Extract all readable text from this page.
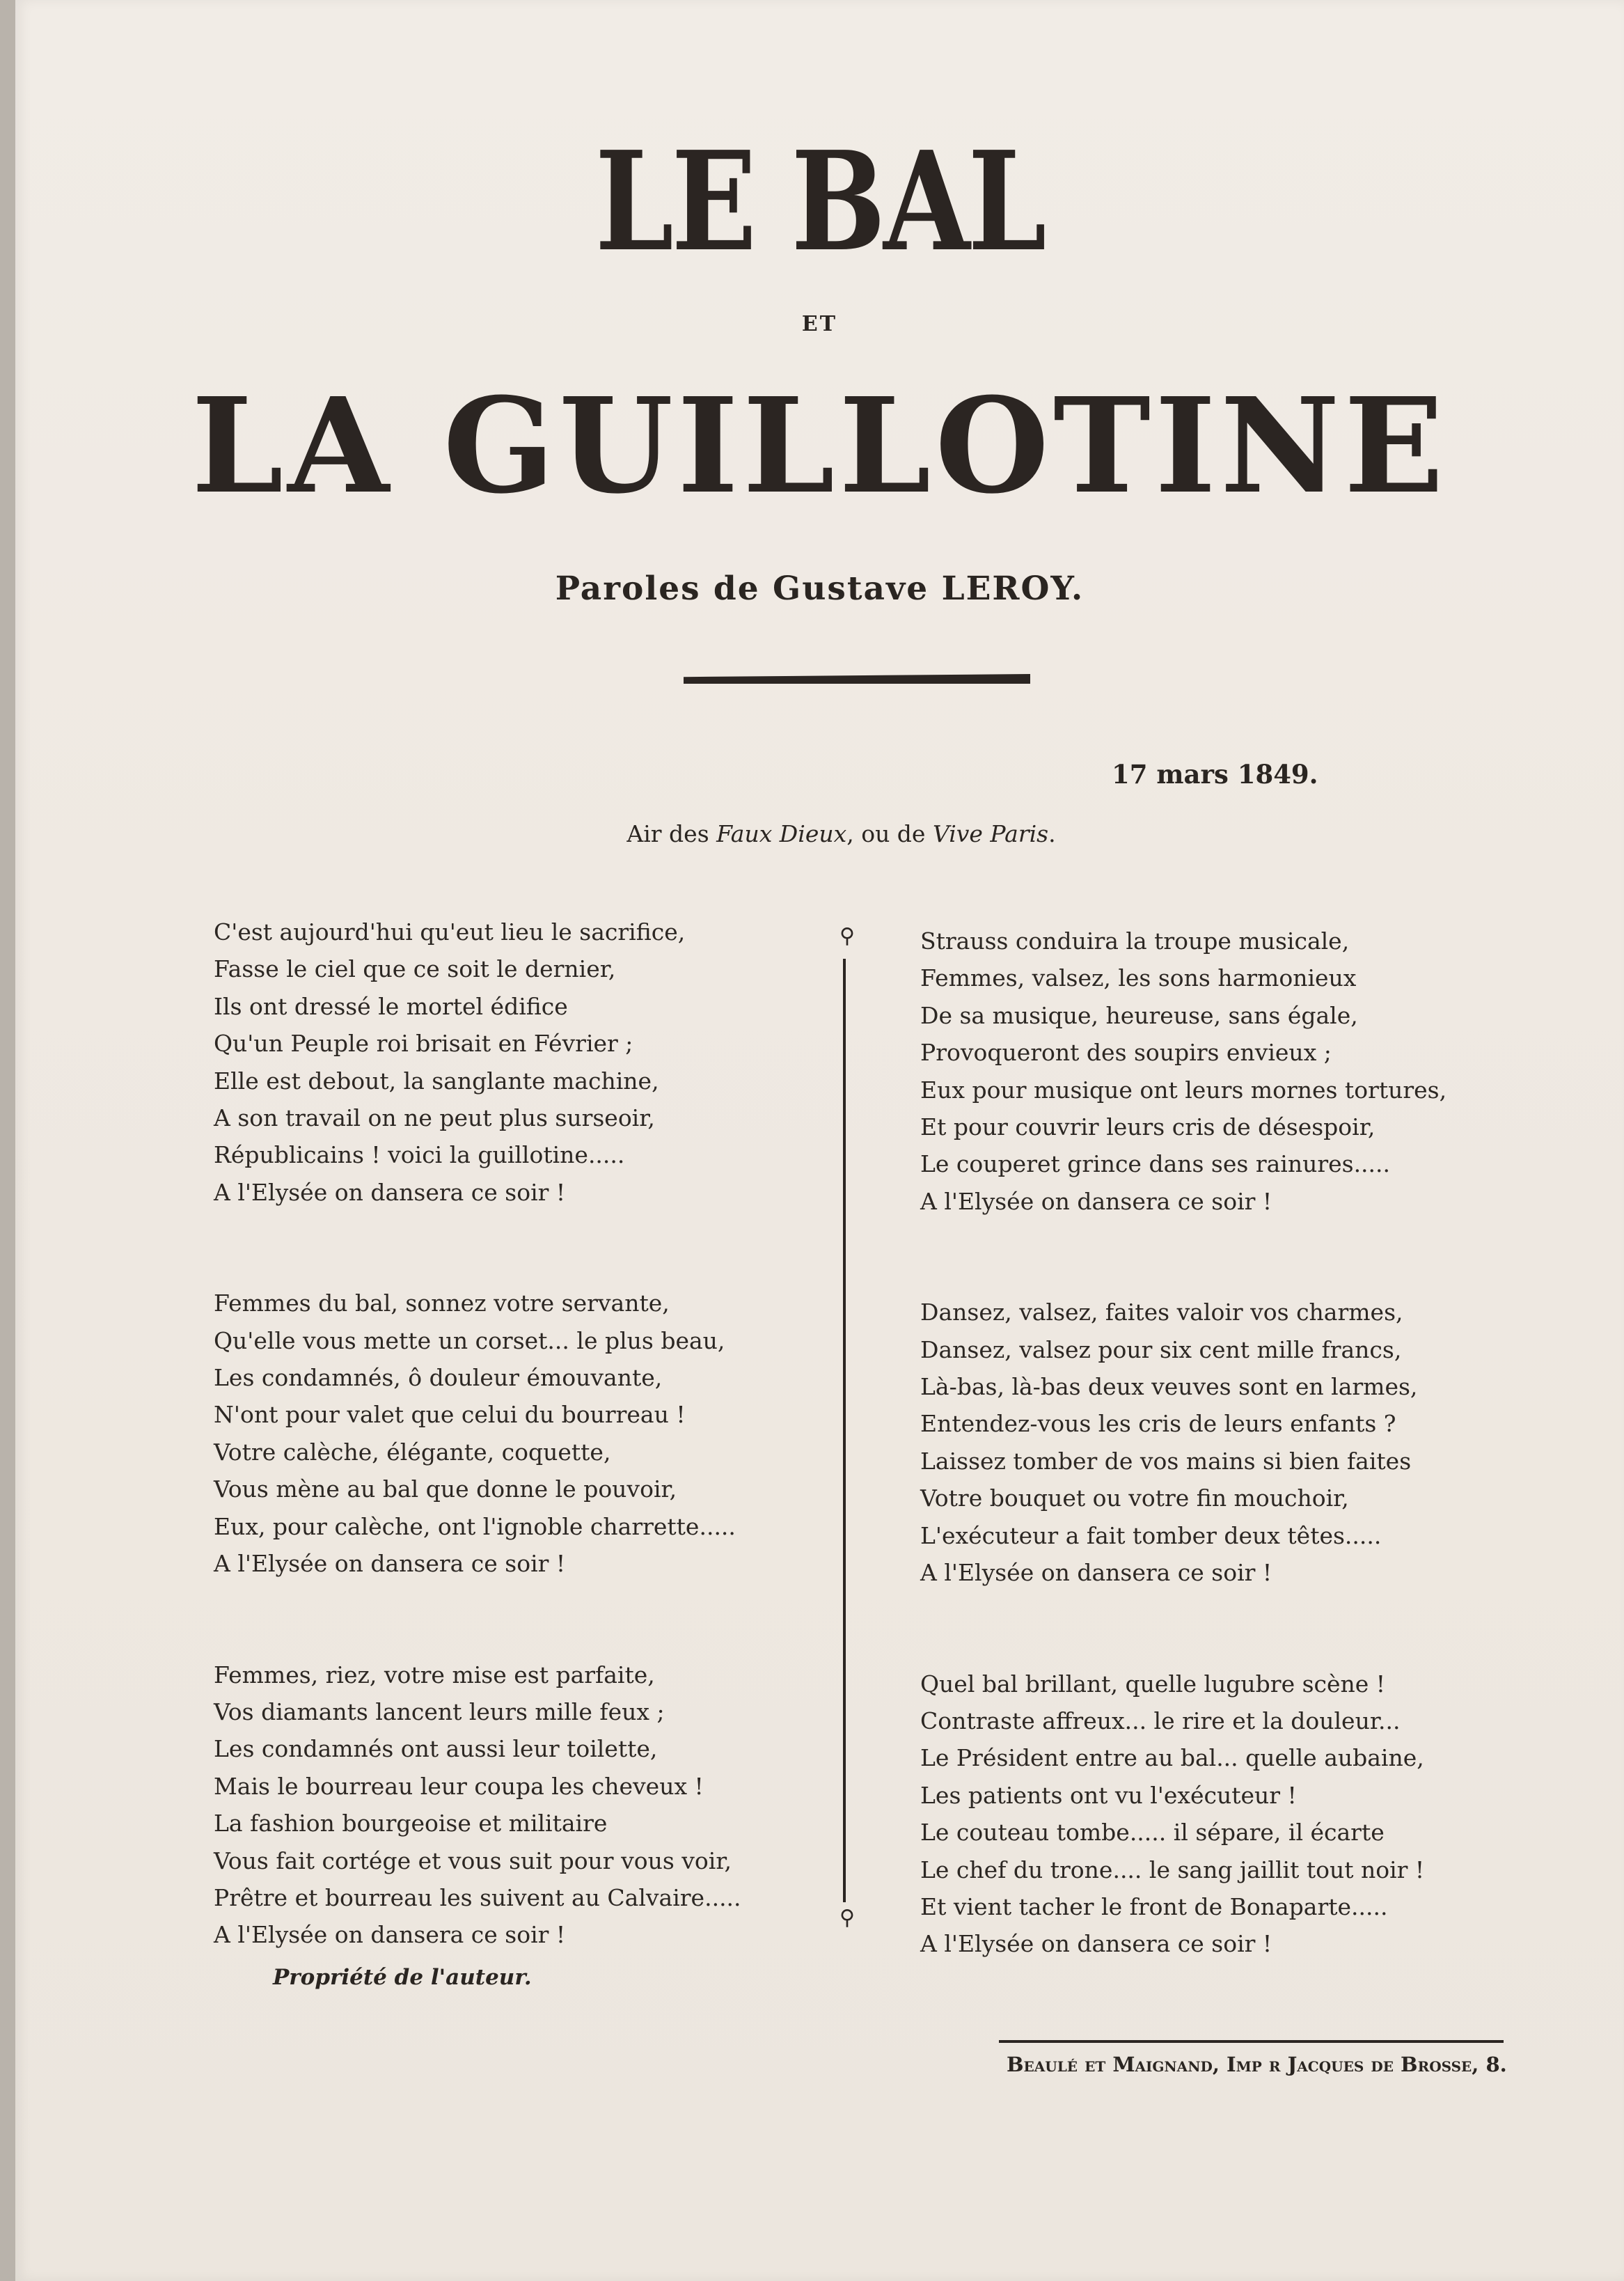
LE BAL

ET

LA GUILLOTINE

Paroles de Gustave LEROY.

17 mars 1849.

Air des Faux Dieux, ou de Vive Paris.

C'est aujourd'hui qu'eut lieu le sacrifice,
Fasse le ciel que ce soit le dernier,
Ils ont dressé le mortel édifice
Qu'un Peuple roi brisait en Février ;
Elle est debout, la sanglante machine,
A son travail on ne peut plus surseoir,
Républicains ! voici la guillotine.....
A l'Elysée on dansera ce soir !
Femmes du bal, sonnez votre servante,
Qu'elle vous mette un corset... le plus beau,
Les condamnés, ô douleur émouvante,
N'ont pour valet que celui du bourreau !
Votre calèche, élégante, coquette,
Vous mène au bal que donne le pouvoir,
Eux, pour calèche, ont l'ignoble charrette.....
A l'Elysée on dansera ce soir !
Femmes, riez, votre mise est parfaite,
Vos diamants lancent leurs mille feux ;
Les condamnés ont aussi leur toilette,
Mais le bourreau leur coupa les cheveux !
La fashion bourgeoise et militaire
Vous fait cortége et vous suit pour vous voir,
Prêtre et bourreau les suivent au Calvaire.....
A l'Elysée on dansera ce soir !
⚲
⚲
Strauss conduira la troupe musicale,
Femmes, valsez, les sons harmonieux
De sa musique, heureuse, sans égale,
Provoqueront des soupirs envieux ;
Eux pour musique ont leurs mornes tortures,
Et pour couvrir leurs cris de désespoir,
Le couperet grince dans ses rainures.....
A l'Elysée on dansera ce soir !
Dansez, valsez, faites valoir vos charmes,
Dansez, valsez pour six cent mille francs,
Là-bas, là-bas deux veuves sont en larmes,
Entendez-vous les cris de leurs enfants ?
Laissez tomber de vos mains si bien faites
Votre bouquet ou votre fin mouchoir,
L'exécuteur a fait tomber deux têtes.....
A l'Elysée on dansera ce soir !
Quel bal brillant, quelle lugubre scène !
Contraste affreux... le rire et la douleur...
Le Président entre au bal... quelle aubaine,
Les patients ont vu l'exécuteur !
Le couteau tombe..... il sépare, il écarte
Le chef du trone.... le sang jaillit tout noir !
Et vient tacher le front de Bonaparte.....
A l'Elysée on dansera ce soir !

Propriété de l'auteur.

Beaulé et Maignand, Imp r Jacques de Brosse, 8.
